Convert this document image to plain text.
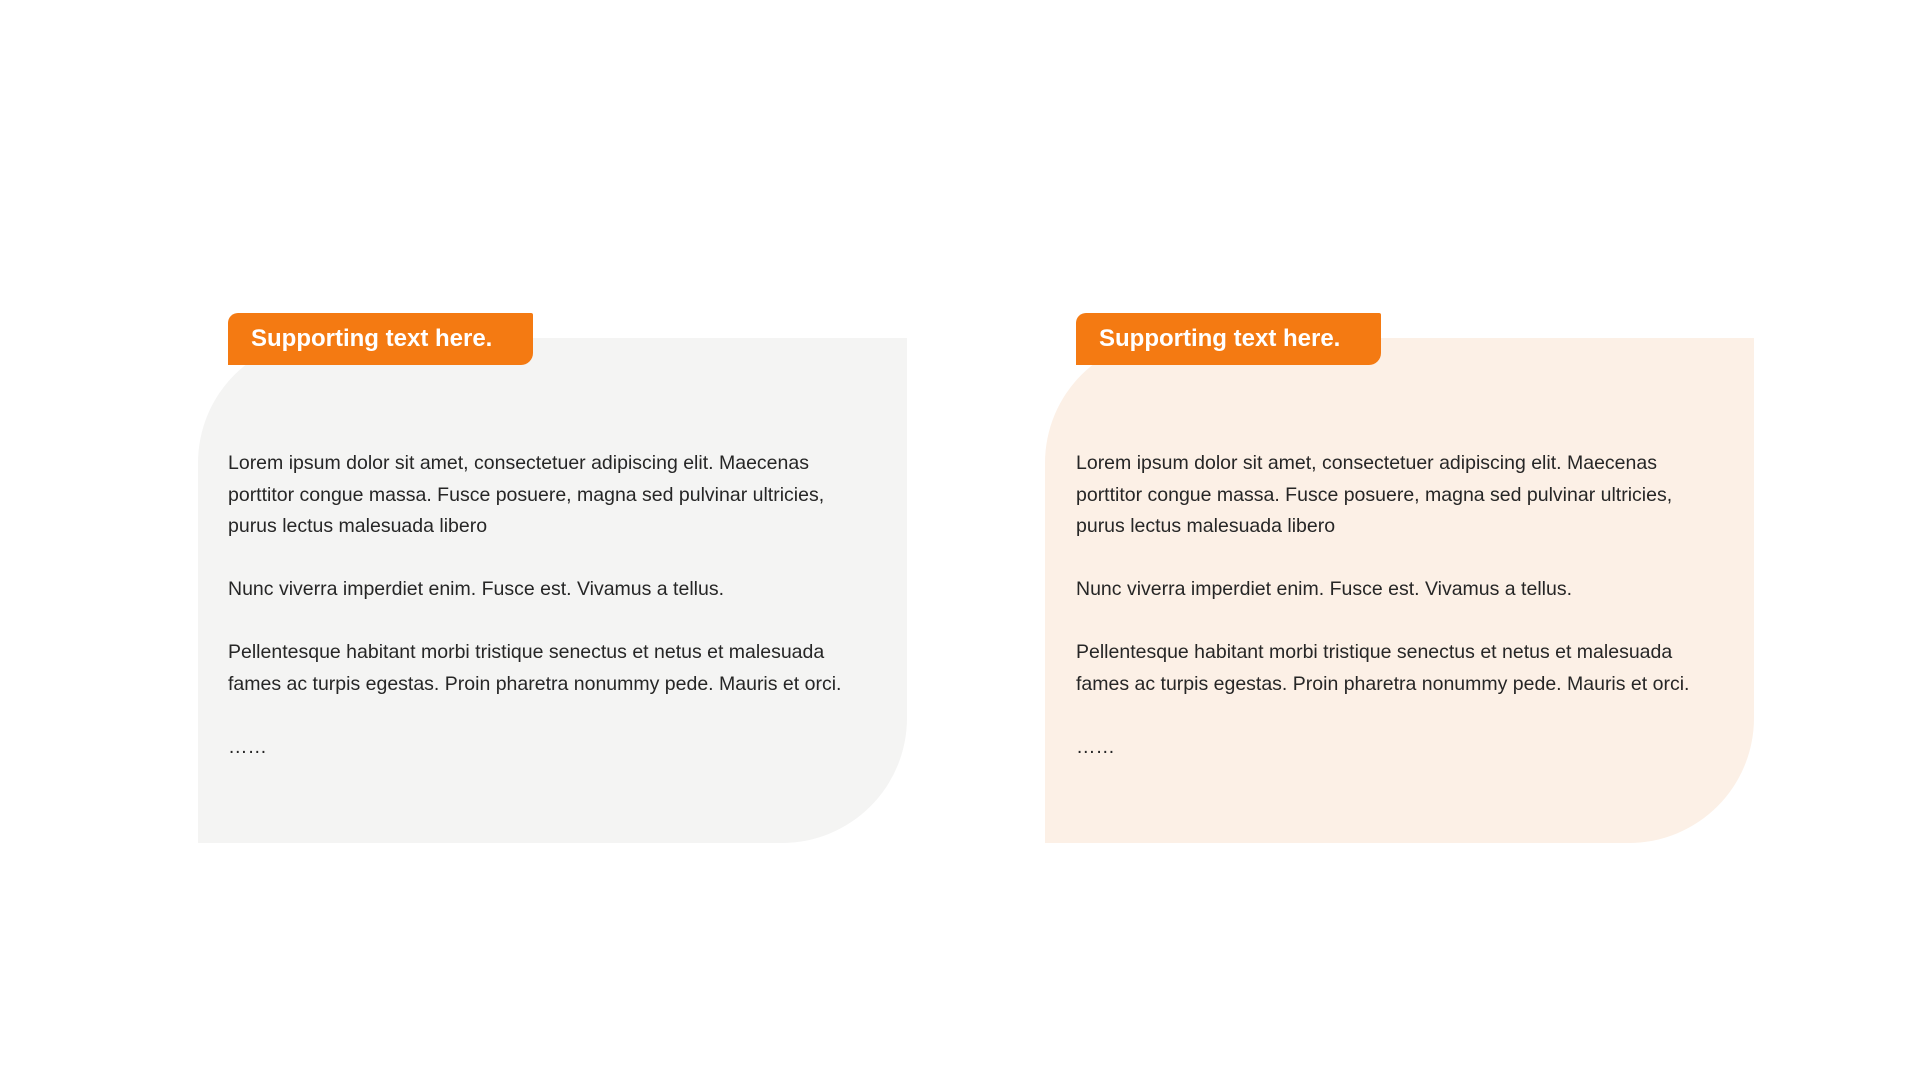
Supporting text here.

Lorem ipsum dolor sit amet, consectetuer adipiscing elit. Maecenas porttitor congue massa. Fusce posuere, magna sed pulvinar ultricies, purus lectus malesuada libero

Nunc viverra imperdiet enim. Fusce est. Vivamus a tellus.

Pellentesque habitant morbi tristique senectus et netus et malesuada fames ac turpis egestas. Proin pharetra nonummy pede. Mauris et orci.

……

Supporting text here.

Lorem ipsum dolor sit amet, consectetuer adipiscing elit. Maecenas porttitor congue massa. Fusce posuere, magna sed pulvinar ultricies, purus lectus malesuada libero

Nunc viverra imperdiet enim. Fusce est. Vivamus a tellus.

Pellentesque habitant morbi tristique senectus et netus et malesuada fames ac turpis egestas. Proin pharetra nonummy pede. Mauris et orci.

……
